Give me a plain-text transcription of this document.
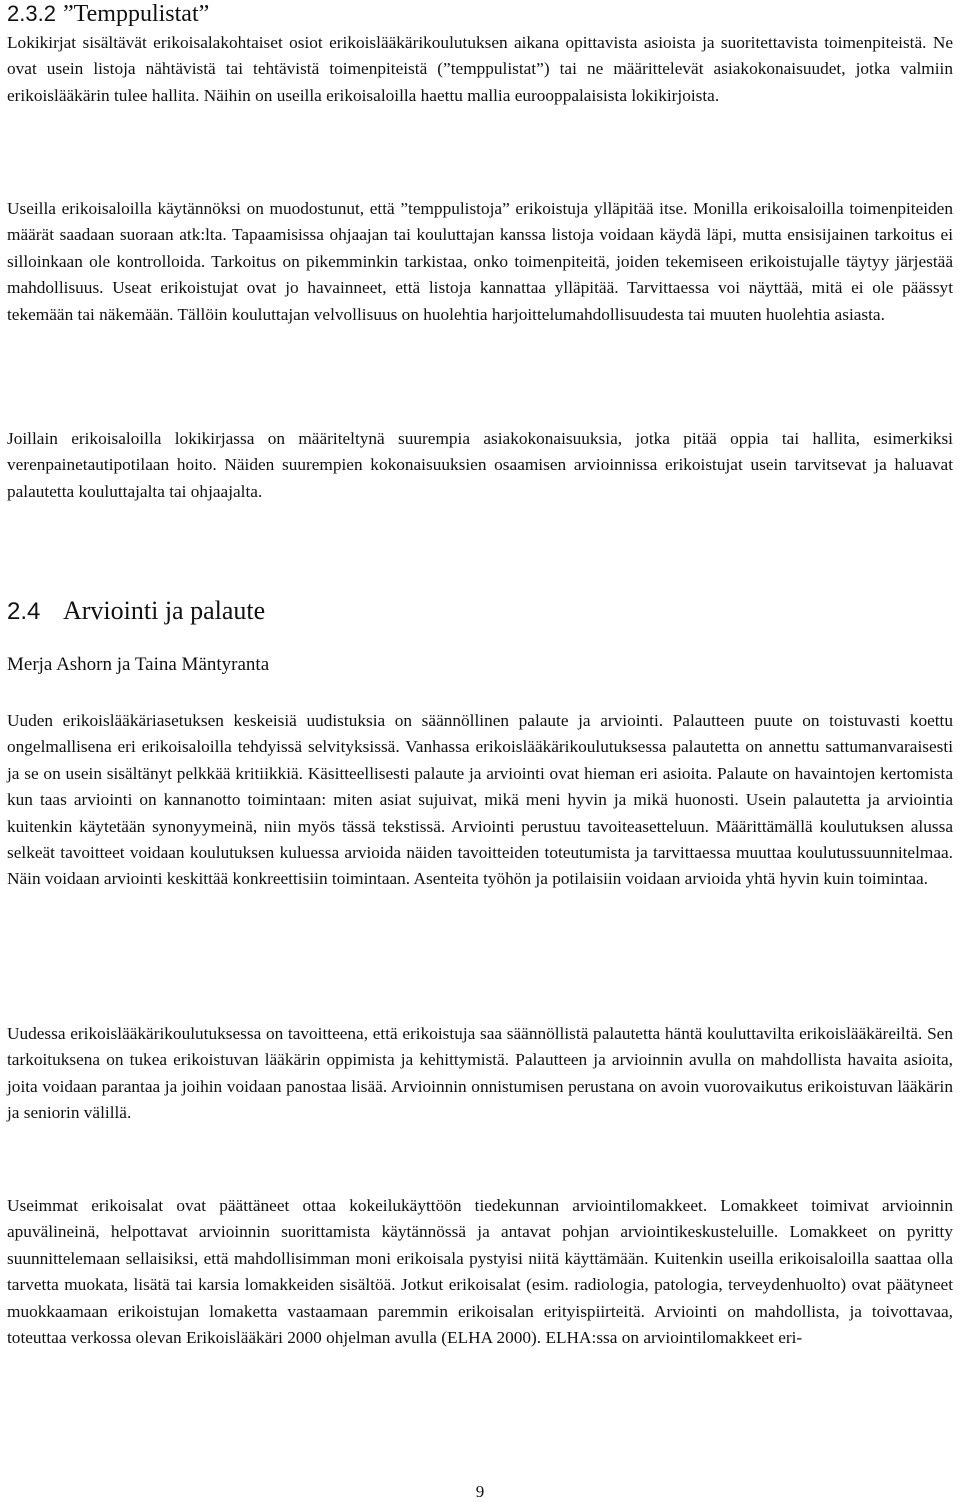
2.3.2 ”Temppulistat”

Lokikirjat sisältävät erikoisalakohtaiset osiot erikoislääkärikoulutuksen aikana opittavista asioista ja suoritettavista toimenpiteistä. Ne ovat usein listoja nähtävistä tai tehtävistä toimenpiteistä (”temppulistat”) tai ne määrittelevät asiakokonaisuudet, jotka valmiin erikoislääkärin tulee hallita. Näihin on useilla erikoisaloilla haettu mallia eurooppalaisista lokikirjoista.

Useilla erikoisaloilla käytännöksi on muodostunut, että ”temppulistoja” erikoistuja ylläpitää itse. Monilla erikoisaloilla toimenpiteiden määrät saadaan suoraan atk:lta. Tapaamisissa ohjaajan tai kouluttajan kanssa listoja voidaan käydä läpi, mutta ensisijainen tarkoitus ei silloinkaan ole kontrolloida. Tarkoitus on pikemminkin tarkistaa, onko toimenpiteitä, joiden tekemiseen erikoistujalle täytyy järjestää mahdollisuus. Useat erikoistujat ovat jo havainneet, että listoja kannattaa ylläpitää. Tarvittaessa voi näyttää, mitä ei ole päässyt tekemään tai näkemään. Tällöin kouluttajan velvollisuus on huolehtia harjoittelumahdollisuudesta tai muuten huolehtia asiasta.

Joillain erikoisaloilla lokikirjassa on määriteltynä suurempia asiakokonaisuuksia, jotka pitää oppia tai hallita, esimerkiksi verenpainetautipotilaan hoito. Näiden suurempien kokonaisuuksien osaamisen arvioinnissa erikoistujat usein tarvitsevat ja haluavat palautetta kouluttajalta tai ohjaajalta.

2.4 Arviointi ja palaute
Merja Ashorn ja Taina Mäntyranta

Uuden erikoislääkäriasetuksen keskeisiä uudistuksia on säännöllinen palaute ja arviointi. Palautteen puute on toistuvasti koettu ongelmallisena eri erikoisaloilla tehdyissä selvityksissä. Vanhassa erikoislääkärikoulutuksessa palautetta on annettu sattumanvaraisesti ja se on usein sisältänyt pelkkää kritiikkiä. Käsitteellisesti palaute ja arviointi ovat hieman eri asioita. Palaute on havaintojen kertomista kun taas arviointi on kannanotto toimintaan: miten asiat sujuivat, mikä meni hyvin ja mikä huonosti. Usein palautetta ja arviointia kuitenkin käytetään synonyymeinä, niin myös tässä tekstissä. Arviointi perustuu tavoiteasetteluun. Määrittämällä koulutuksen alussa selkeät tavoitteet voidaan koulutuksen kuluessa arvioida näiden tavoitteiden toteutumista ja tarvittaessa muuttaa koulutussuunnitelmaa. Näin voidaan arviointi keskittää konkreettisiin toimintaan. Asenteita työhön ja potilaisiin voidaan arvioida yhtä hyvin kuin toimintaa.

Uudessa erikoislääkärikoulutuksessa on tavoitteena, että erikoistuja saa säännöllistä palautetta häntä kouluttavilta erikoislääkäreiltä. Sen tarkoituksena on tukea erikoistuvan lääkärin oppimista ja kehittymistä. Palautteen ja arvioinnin avulla on mahdollista havaita asioita, joita voidaan parantaa ja joihin voidaan panostaa lisää. Arvioinnin onnistumisen perustana on avoin vuorovaikutus erikoistuvan lääkärin ja seniorin välillä.

Useimmat erikoisalat ovat päättäneet ottaa kokeilukäyttöön tiedekunnan arviointilomakkeet. Lomakkeet toimivat arvioinnin apuvälineinä, helpottavat arvioinnin suorittamista käytännössä ja antavat pohjan arviointikeskusteluille. Lomakkeet on pyritty suunnittelemaan sellaisiksi, että mahdollisimman moni erikoisala pystyisi niitä käyttämään. Kuitenkin useilla erikoisaloilla saattaa olla tarvetta muokata, lisätä tai karsia lomakkeiden sisältöä. Jotkut erikoisalat (esim. radiologia, patologia, terveydenhuolto) ovat päätyneet muokkaamaan erikoistujan lomaketta vastaamaan paremmin erikoisalan erityispiirteitä. Arviointi on mahdollista, ja toivottavaa, toteuttaa verkossa olevan Erikoislääkäri 2000 ohjelman avulla (ELHA 2000). ELHA:ssa on arviointilomakkeet eri-

9
